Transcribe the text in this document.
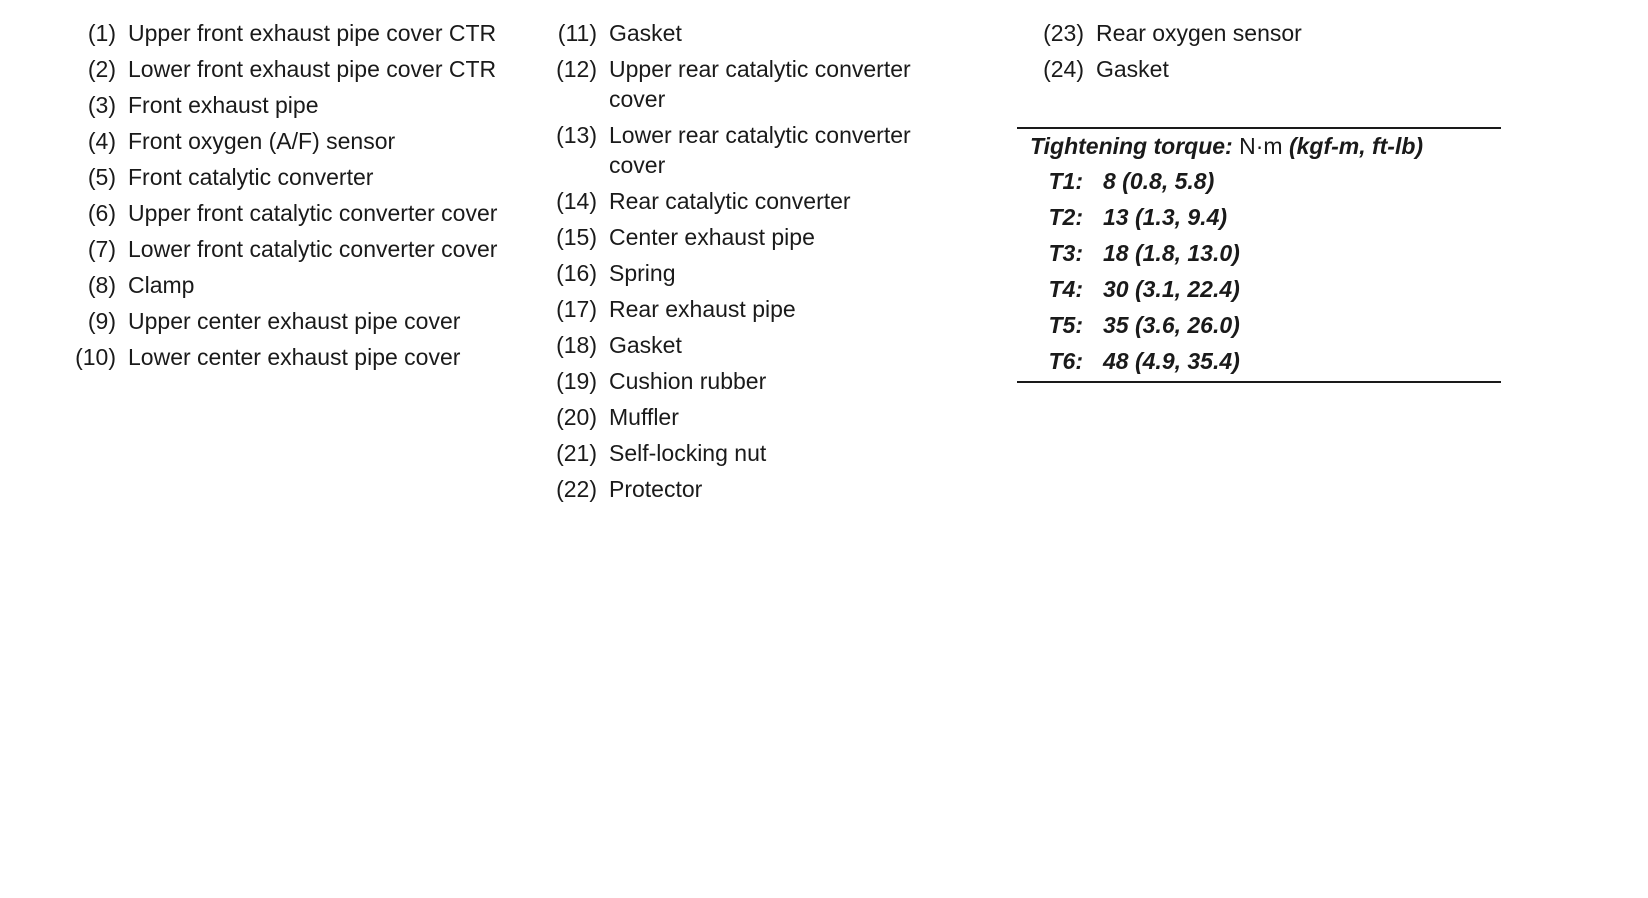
(1) Upper front exhaust pipe cover CTR
(2) Lower front exhaust pipe cover CTR
(3) Front exhaust pipe
(4) Front oxygen (A/F) sensor
(5) Front catalytic converter
(6) Upper front catalytic converter cover
(7) Lower front catalytic converter cover
(8) Clamp
(9) Upper center exhaust pipe cover
(10) Lower center exhaust pipe cover
(11) Gasket
(12) Upper rear catalytic converter cover
(13) Lower rear catalytic converter cover
(14) Rear catalytic converter
(15) Center exhaust pipe
(16) Spring
(17) Rear exhaust pipe
(18) Gasket
(19) Cushion rubber
(20) Muffler
(21) Self-locking nut
(22) Protector
(23) Rear oxygen sensor
(24) Gasket
Tightening torque: N·m (kgf-m, ft-lb)
T1: 8 (0.8, 5.8)
T2: 13 (1.3, 9.4)
T3: 18 (1.8, 13.0)
T4: 30 (3.1, 22.4)
T5: 35 (3.6, 26.0)
T6: 48 (4.9, 35.4)
